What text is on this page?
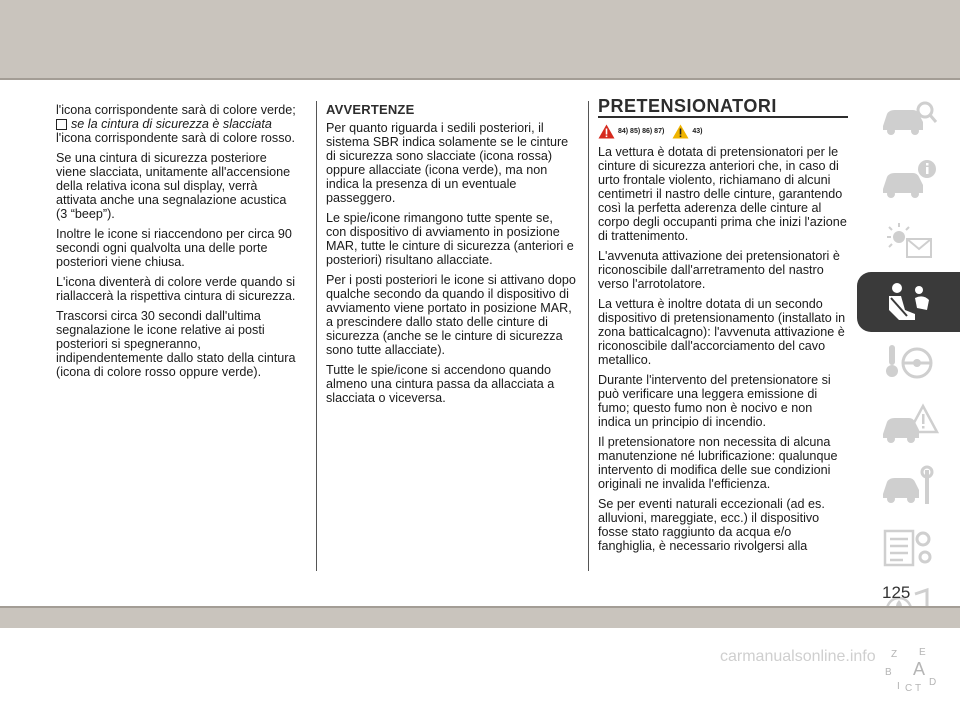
l'icona corrispondente sarà di colore verde;

se la cintura di sicurezza è slacciata

l'icona corrispondente sarà di colore rosso.

Se una cintura di sicurezza posteriore viene slacciata, unitamente all'accensione della relativa icona sul display, verrà attivata anche una segnalazione acustica (3 “beep”).

Inoltre le icone si riaccendono per circa 90 secondi ogni qualvolta una delle porte posteriori viene chiusa.

L'icona diventerà di colore verde quando si riallaccerà la rispettiva cintura di sicurezza.

Trascorsi circa 30 secondi dall'ultima segnalazione le icone relative ai posti posteriori si spegneranno, indipendentemente dallo stato della cintura (icona di colore rosso oppure verde).

AVVERTENZE

Per quanto riguarda i sedili posteriori, il sistema SBR indica solamente se le cinture di sicurezza sono slacciate (icona rossa) oppure allacciate (icona verde), ma non indica la presenza di un eventuale passeggero.

Le spie/icone rimangono tutte spente se, con dispositivo di avviamento in posizione MAR, tutte le cinture di sicurezza (anteriori e posteriori) risultano allacciate.

Per i posti posteriori le icone si attivano dopo qualche secondo da quando il dispositivo di avviamento viene portato in posizione MAR, a prescindere dallo stato delle cinture di sicurezza (anche se le cinture di sicurezza sono tutte allacciate).

Tutte le spie/icone si accendono quando almeno una cintura passa da allacciata a slacciata o viceversa.

PRETENSIONATORI
84) 85) 86) 87)	43)

La vettura è dotata di pretensionatori per le cinture di sicurezza anteriori che, in caso di urto frontale violento, richiamano di alcuni centimetri il nastro delle cinture, garantendo così la perfetta aderenza delle cinture al corpo degli occupanti prima che inizi l'azione di trattenimento.

L'avvenuta attivazione dei pretensionatori è riconoscibile dall'arretramento del nastro verso l'arrotolatore.

La vettura è inoltre dotata di un secondo dispositivo di pretensionamento (installato in zona batticalcagno): l'avvenuta attivazione è riconoscibile dall'accorciamento del cavo metallico.

Durante l'intervento del pretensionatore si può verificare una leggera emissione di fumo; questo fumo non è nocivo e non indica un principio di incendio.

Il pretensionatore non necessita di alcuna manutenzione né lubrificazione: qualunque intervento di modifica delle sue condizioni originali ne invalida l'efficienza.

Se per eventi naturali eccezionali (ad es. alluvioni, mareggiate, ecc.) il dispositivo fosse stato raggiunto da acqua e/o fanghiglia, è necessario rivolgersi alla

Z E
B A
I C T
D
125
carmanualsonline.info
